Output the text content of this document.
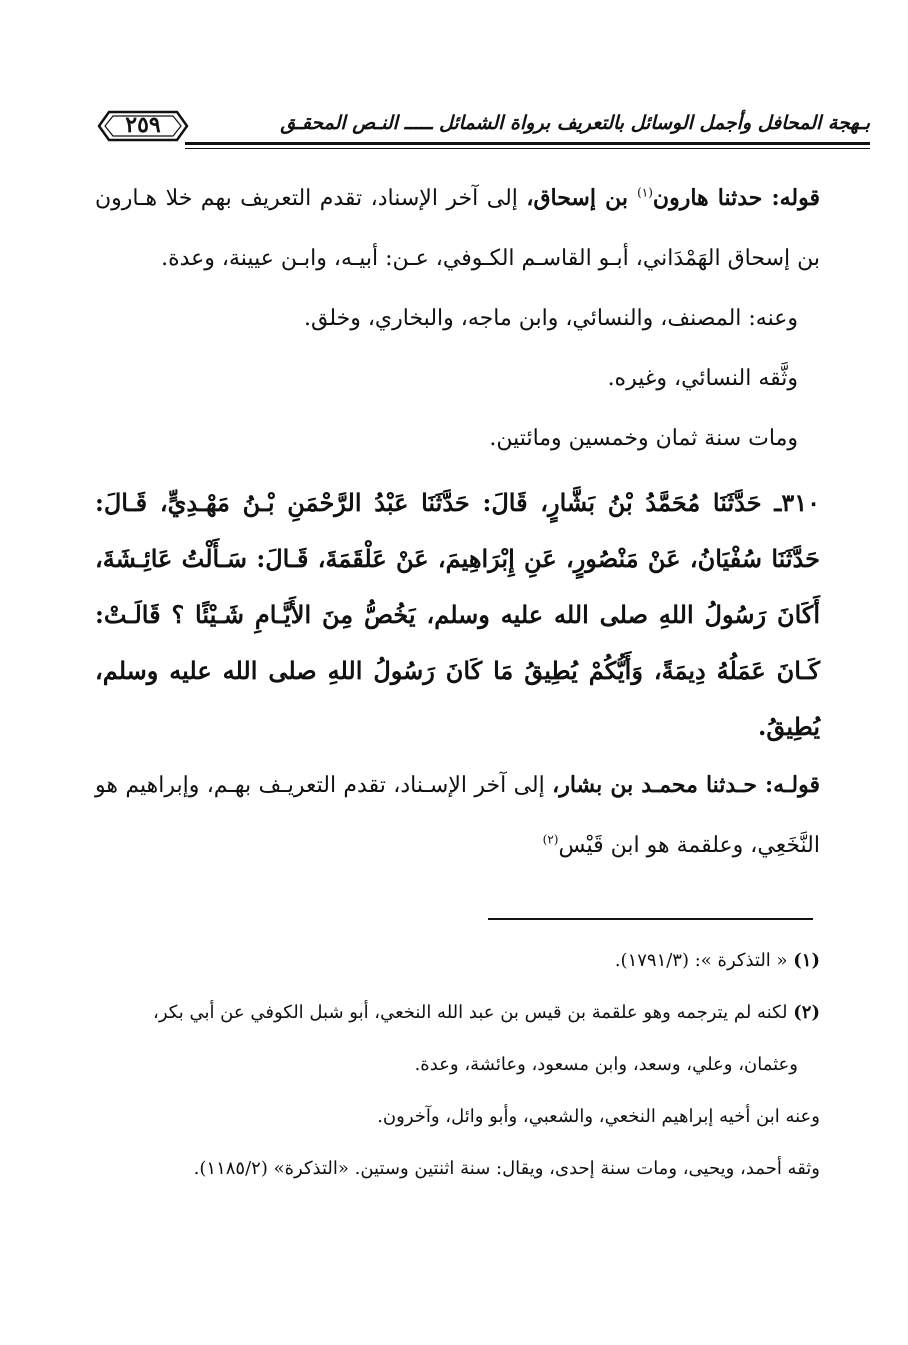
٢٥٩	بـهجة المحافل وأجمل الوسائل بالتعريف برواة الشمائل ـــــ النـص المحقـق

قوله: حدثنا هارون$^{(١)}$ بن إسحاق، إلى آخر الإسناد، تقدم التعريف بهم خلا هـارون بن إسحاق الهَمْدَاني، أبـو القاسـم الكـوفي، عـن: أبيـه، وابـن عيينة، وعدة.

وعنه: المصنف، والنسائي، وابن ماجه، والبخاري، وخلق.

وثَّقه النسائي، وغيره.

ومات سنة ثمان وخمسين ومائتين.

٣١٠ـ حَدَّثَنَا مُحَمَّدُ بْنُ بَشَّارٍ، قَالَ: حَدَّثَنَا عَبْدُ الرَّحْمَنِ بْـنُ مَهْـدِيٍّ، قَـالَ: حَدَّثَنَا سُفْيَانُ، عَنْ مَنْصُورٍ، عَنِ إِبْرَاهِيمَ، عَنْ عَلْقَمَةَ، قَـالَ: سَـأَلْتُ عَائِـشَةَ، أَكَانَ رَسُولُ اللهِ صلى الله عليه وسلم، يَخُصُّ مِنَ الأَيَّـامِ شَـيْئًا ؟ قَالَـتْ: كَـانَ عَمَلُهُ دِيمَةً، وَأَيُّكُمْ يُطِيقُ مَا كَانَ رَسُولُ اللهِ صلى الله عليه وسلم، يُطِيقُ.

قولـه: حـدثنا محمـد بن بشار، إلى آخر الإسـناد، تقدم التعريـف بهـم، وإبراهيم هو النَّخَعِي، وعلقمة هو ابن قَيْس$^{(٢)}$

(١) « التذكرة »: (١٧٩١/٣).

(٢) لكنه لم يترجمه وهو علقمة بن قيس بن عبد الله النخعي، أبو شبل الكوفي عن أبي بكر،

وعثمان، وعلي، وسعد، وابن مسعود، وعائشة، وعدة.

وعنه ابن أخيه إبراهيم النخعي، والشعبي، وأبو وائل، وآخرون.

وثقه أحمد، ويحيى، ومات سنة إحدى، ويقال: سنة اثنتين وستين. «التذكرة» (١١٨٥/٢).
